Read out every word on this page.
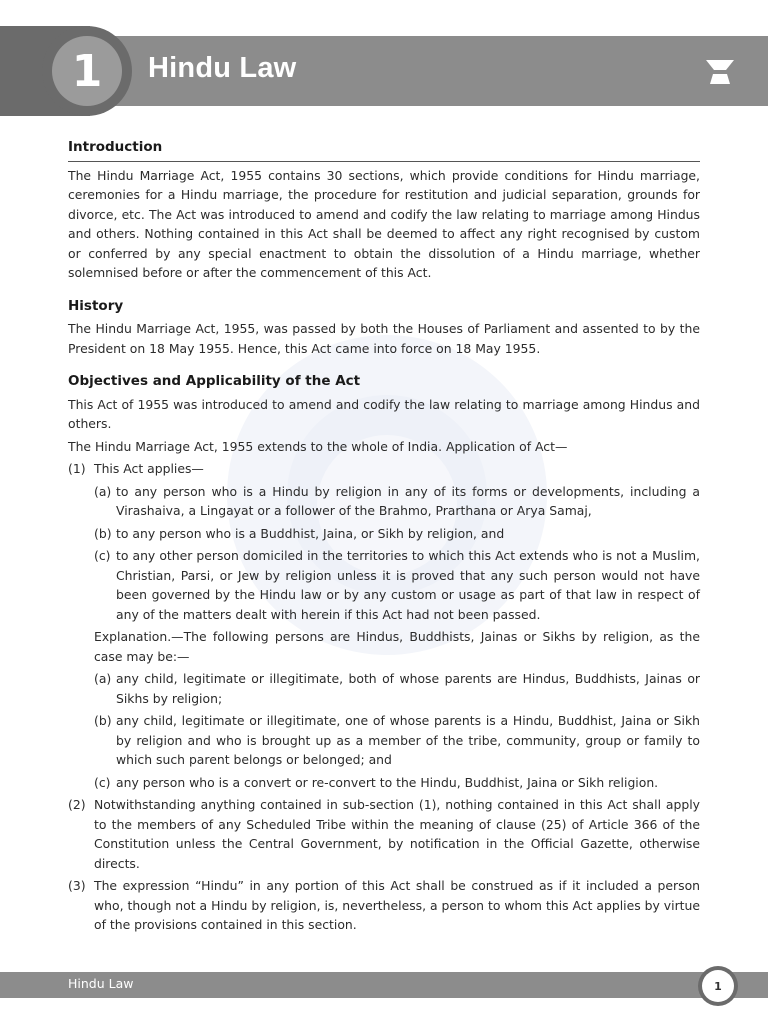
1	Hindu Law
Introduction

The Hindu Marriage Act, 1955 contains 30 sections, which provide conditions for Hindu marriage, ceremonies for a Hindu marriage, the procedure for restitution and judicial separation, grounds for divorce, etc. The Act was introduced to amend and codify the law relating to marriage among Hindus and others. Nothing contained in this Act shall be deemed to affect any right recognised by custom or conferred by any special enactment to obtain the dissolution of a Hindu marriage, whether solemnised before or after the commencement of this Act.

History

The Hindu Marriage Act, 1955, was passed by both the Houses of Parliament and assented to by the President on 18 May 1955. Hence, this Act came into force on 18 May 1955.

Objectives and Applicability of the Act

This Act of 1955 was introduced to amend and codify the law relating to marriage among Hindus and others.

The Hindu Marriage Act, 1955 extends to the whole of India. Application of Act—

(1) This Act applies—
(a) to any person who is a Hindu by religion in any of its forms or developments, including a Virashaiva, a Lingayat or a follower of the Brahmo, Prarthana or Arya Samaj,
(b) to any person who is a Buddhist, Jaina, or Sikh by religion, and
(c) to any other person domiciled in the territories to which this Act extends who is not a Muslim, Christian, Parsi, or Jew by religion unless it is proved that any such person would not have been governed by the Hindu law or by any custom or usage as part of that law in respect of any of the matters dealt with herein if this Act had not been passed.
Explanation.—The following persons are Hindus, Buddhists, Jainas or Sikhs by religion, as the case may be:—
(a) any child, legitimate or illegitimate, both of whose parents are Hindus, Buddhists, Jainas or Sikhs by religion;
(b) any child, legitimate or illegitimate, one of whose parents is a Hindu, Buddhist, Jaina or Sikh by religion and who is brought up as a member of the tribe, community, group or family to which such parent belongs or belonged; and
(c) any person who is a convert or re-convert to the Hindu, Buddhist, Jaina or Sikh religion.
(2) Notwithstanding anything contained in sub-section (1), nothing contained in this Act shall apply to the members of any Scheduled Tribe within the meaning of clause (25) of Article 366 of the Constitution unless the Central Government, by notification in the Official Gazette, otherwise directs.
(3) The expression “Hindu” in any portion of this Act shall be construed as if it included a person who, though not a Hindu by religion, is, nevertheless, a person to whom this Act applies by virtue of the provisions contained in this section.
Hindu Law	1
